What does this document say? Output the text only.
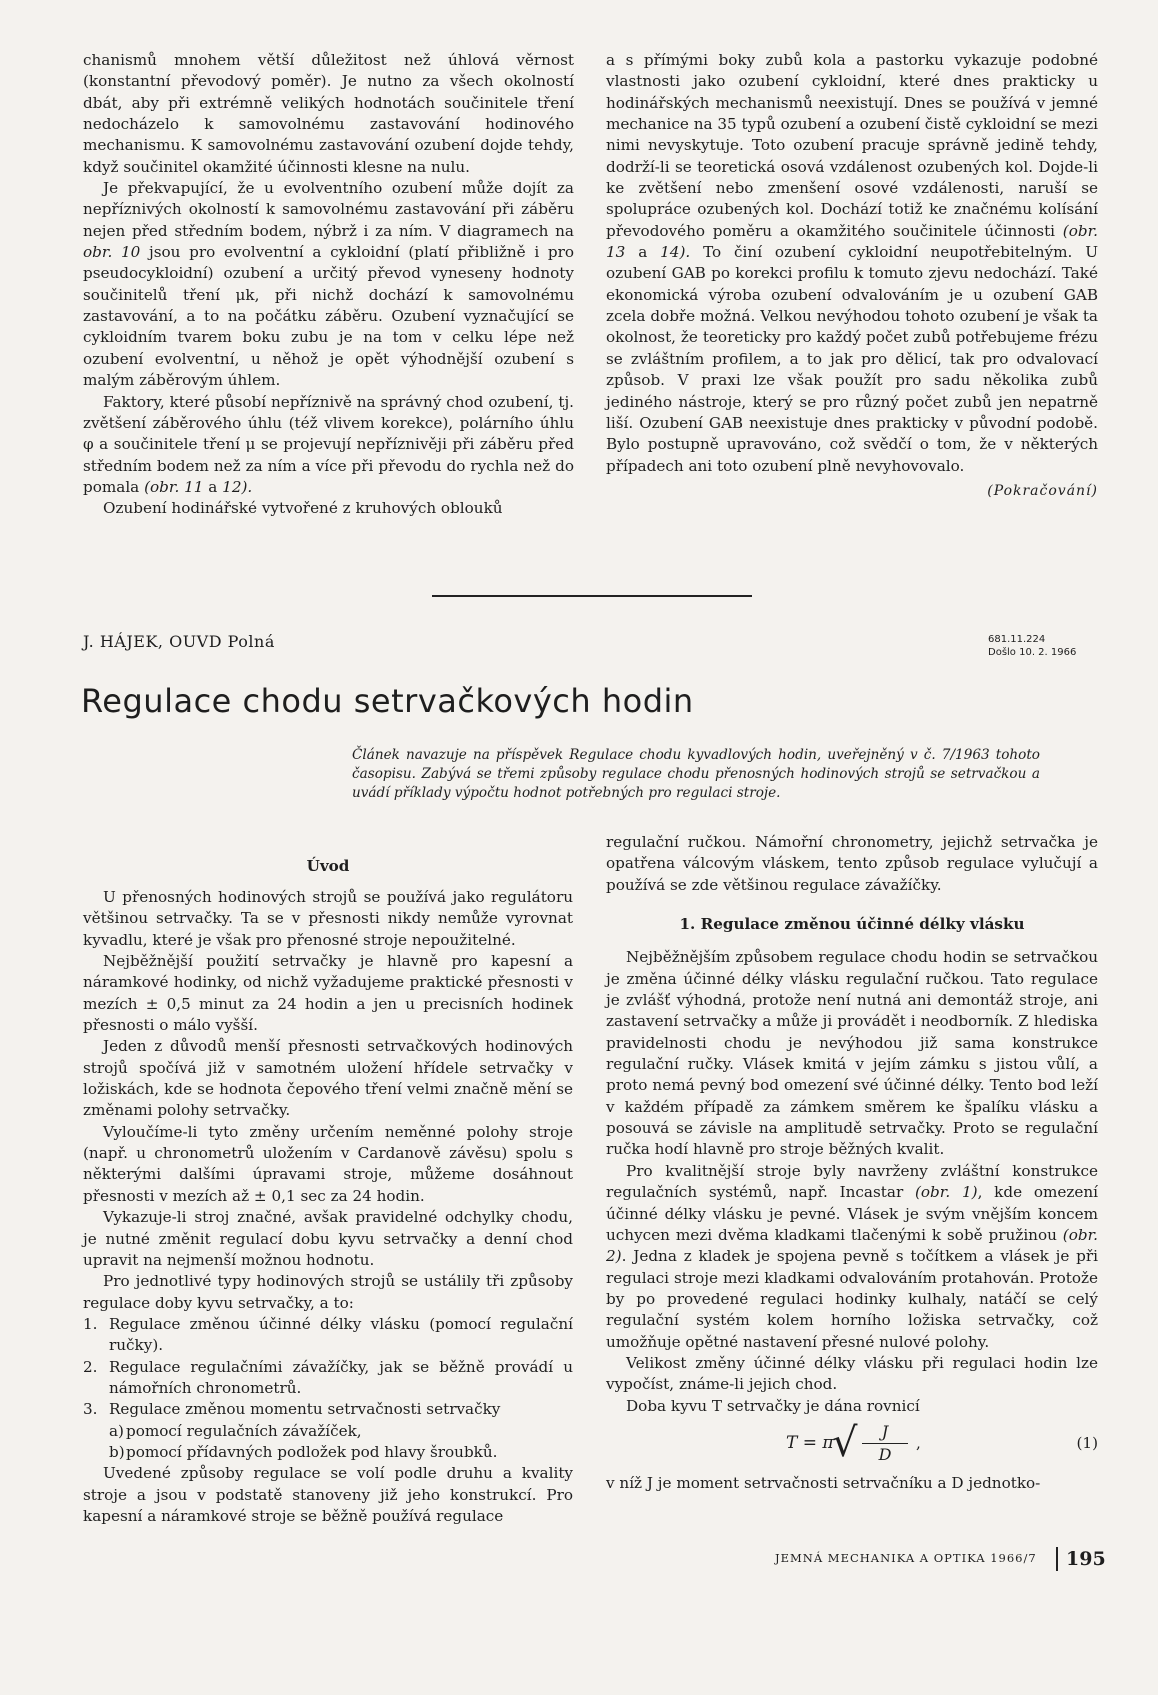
chanismů mnohem větší důležitost než úhlová věrnost (konstantní převodový poměr). Je nutno za všech okolností dbát, aby při extrémně velikých hodnotách součinitele tření nedocházelo k samovolnému zastavování hodinového mechanismu. K samovolnému zastavování ozubení dojde tehdy, když součinitel okamžité účinnosti klesne na nulu.

Je překvapující, že u evolventního ozubení může dojít za nepříznivých okolností k samovolnému zastavování při záběru nejen před středním bodem, nýbrž i za ním. V diagramech na obr. 10 jsou pro evolventní a cykloidní (platí přibližně i pro pseudocykloidní) ozubení a určitý převod vyneseny hodnoty součinitelů tření μk, při nichž dochází k samovolnému zastavování, a to na počátku záběru. Ozubení vyznačující se cykloidním tvarem boku zubu je na tom v celku lépe než ozubení evolventní, u něhož je opět výhodnější ozubení s malým záběrovým úhlem.

Faktory, které působí nepříznivě na správný chod ozubení, tj. zvětšení záběrového úhlu (též vlivem korekce), polárního úhlu φ a součinitele tření μ se projevují nepříznivěji při záběru před středním bodem než za ním a více při převodu do rychla než do pomala (obr. 11 a 12).

Ozubení hodinářské vytvořené z kruhových oblouků

a s přímými boky zubů kola a pastorku vykazuje podobné vlastnosti jako ozubení cykloidní, které dnes prakticky u hodinářských mechanismů neexistují. Dnes se používá v jemné mechanice na 35 typů ozubení a ozubení čistě cykloidní se mezi nimi nevyskytuje. Toto ozubení pracuje správně jedině tehdy, dodrží-li se teoretická osová vzdálenost ozubených kol. Dojde-li ke zvětšení nebo zmenšení osové vzdálenosti, naruší se spolupráce ozubených kol. Dochází totiž ke značnému kolísání převodového poměru a okamžitého součinitele účinnosti (obr. 13 a 14). To činí ozubení cykloidní neupotřebitelným. U ozubení GAB po korekci profilu k tomuto zjevu nedochází. Také ekonomická výroba ozubení odvalováním je u ozubení GAB zcela dobře možná. Velkou nevýhodou tohoto ozubení je však ta okolnost, že teoreticky pro každý počet zubů potřebujeme frézu se zvláštním profilem, a to jak pro dělicí, tak pro odvalovací způsob. V praxi lze však použít pro sadu několika zubů jediného nástroje, který se pro různý počet zubů jen nepatrně liší. Ozubení GAB neexistuje dnes prakticky v původní podobě. Bylo postupně upravováno, což svědčí o tom, že v některých případech ani toto ozubení plně nevyhovovalo.

(Pokračování)
J. HÁJEK, OUVD Polná	681.11.224
Došlo 10. 2. 1966
Regulace chodu setrvačkových hodin
Článek navazuje na příspěvek Regulace chodu kyvadlových hodin, uveřejněný v č. 7/1963 tohoto časopisu. Zabývá se třemi způsoby regulace chodu přenosných hodinových strojů se setrvačkou a uvádí příklady výpočtu hodnot potřebných pro regulaci stroje.
Úvod

U přenosných hodinových strojů se používá jako regulátoru většinou setrvačky. Ta se v přesnosti nikdy nemůže vyrovnat kyvadlu, které je však pro přenosné stroje nepoužitelné.

Nejběžnější použití setrvačky je hlavně pro kapesní a náramkové hodinky, od nichž vyžadujeme praktické přesnosti v mezích ± 0,5 minut za 24 hodin a jen u precisních hodinek přesnosti o málo vyšší.

Jeden z důvodů menší přesnosti setrvačkových hodinových strojů spočívá již v samotném uložení hřídele setrvačky v ložiskách, kde se hodnota čepového tření velmi značně mění se změnami polohy setrvačky.

Vyloučíme-li tyto změny určením neměnné polohy stroje (např. u chronometrů uložením v Cardanově závěsu) spolu s některými dalšími úpravami stroje, můžeme dosáhnout přesnosti v mezích až ± 0,1 sec za 24 hodin.

Vykazuje-li stroj značné, avšak pravidelné odchylky chodu, je nutné změnit regulací dobu kyvu setrvačky a denní chod upravit na nejmenší možnou hodnotu.

Pro jednotlivé typy hodinových strojů se ustálily tři způsoby regulace doby kyvu setrvačky, a to:

1. Regulace změnou účinné délky vlásku (pomocí regulační ručky).

2. Regulace regulačními závažíčky, jak se běžně provádí u námořních chronometrů.

3. Regulace změnou momentu setrvačnosti setrvačky

a) pomocí regulačních závažíček,

b) pomocí přídavných podložek pod hlavy šroubků.

Uvedené způsoby regulace se volí podle druhu a kvality stroje a jsou v podstatě stanoveny již jeho konstrukcí. Pro kapesní a náramkové stroje se běžně používá regulace

regulační ručkou. Námořní chronometry, jejichž setrvačka je opatřena válcovým vláskem, tento způsob regulace vylučují a používá se zde většinou regulace závažíčky.

1. Regulace změnou účinné délky vlásku

Nejběžnějším způsobem regulace chodu hodin se setrvačkou je změna účinné délky vlásku regulační ručkou. Tato regulace je zvlášť výhodná, protože není nutná ani demontáž stroje, ani zastavení setrvačky a může ji provádět i neodborník. Z hlediska pravidelnosti chodu je nevýhodou již sama konstrukce regulační ručky. Vlásek kmitá v jejím zámku s jistou vůlí, a proto nemá pevný bod omezení své účinné délky. Tento bod leží v každém případě za zámkem směrem ke špalíku vlásku a posouvá se závisle na amplitudě setrvačky. Proto se regulační ručka hodí hlavně pro stroje běžných kvalit.

Pro kvalitnější stroje byly navrženy zvláštní konstrukce regulačních systémů, např. Incastar (obr. 1), kde omezení účinné délky vlásku je pevné. Vlásek je svým vnějším koncem uchycen mezi dvěma kladkami tlačenými k sobě pružinou (obr. 2). Jedna z kladek je spojena pevně s točítkem a vlásek je při regulaci stroje mezi kladkami odvalováním protahován. Protože by po provedené regulaci hodinky kulhaly, natáčí se celý regulační systém kolem horního ložiska setrvačky, což umožňuje opětné nastavení přesné nulové polohy.

Velikost změny účinné délky vlásku při regulaci hodin lze vypočíst, známe-li jejich chod.

Doba kyvu T setrvačky je dána rovnicí

T = π
√ $\frac{J}{D}$ ,	(1)

v níž J je moment setrvačnosti setrvačníku a D jednotko-

JEMNÁ MECHANIKA A OPTIKA 1966/7 195
